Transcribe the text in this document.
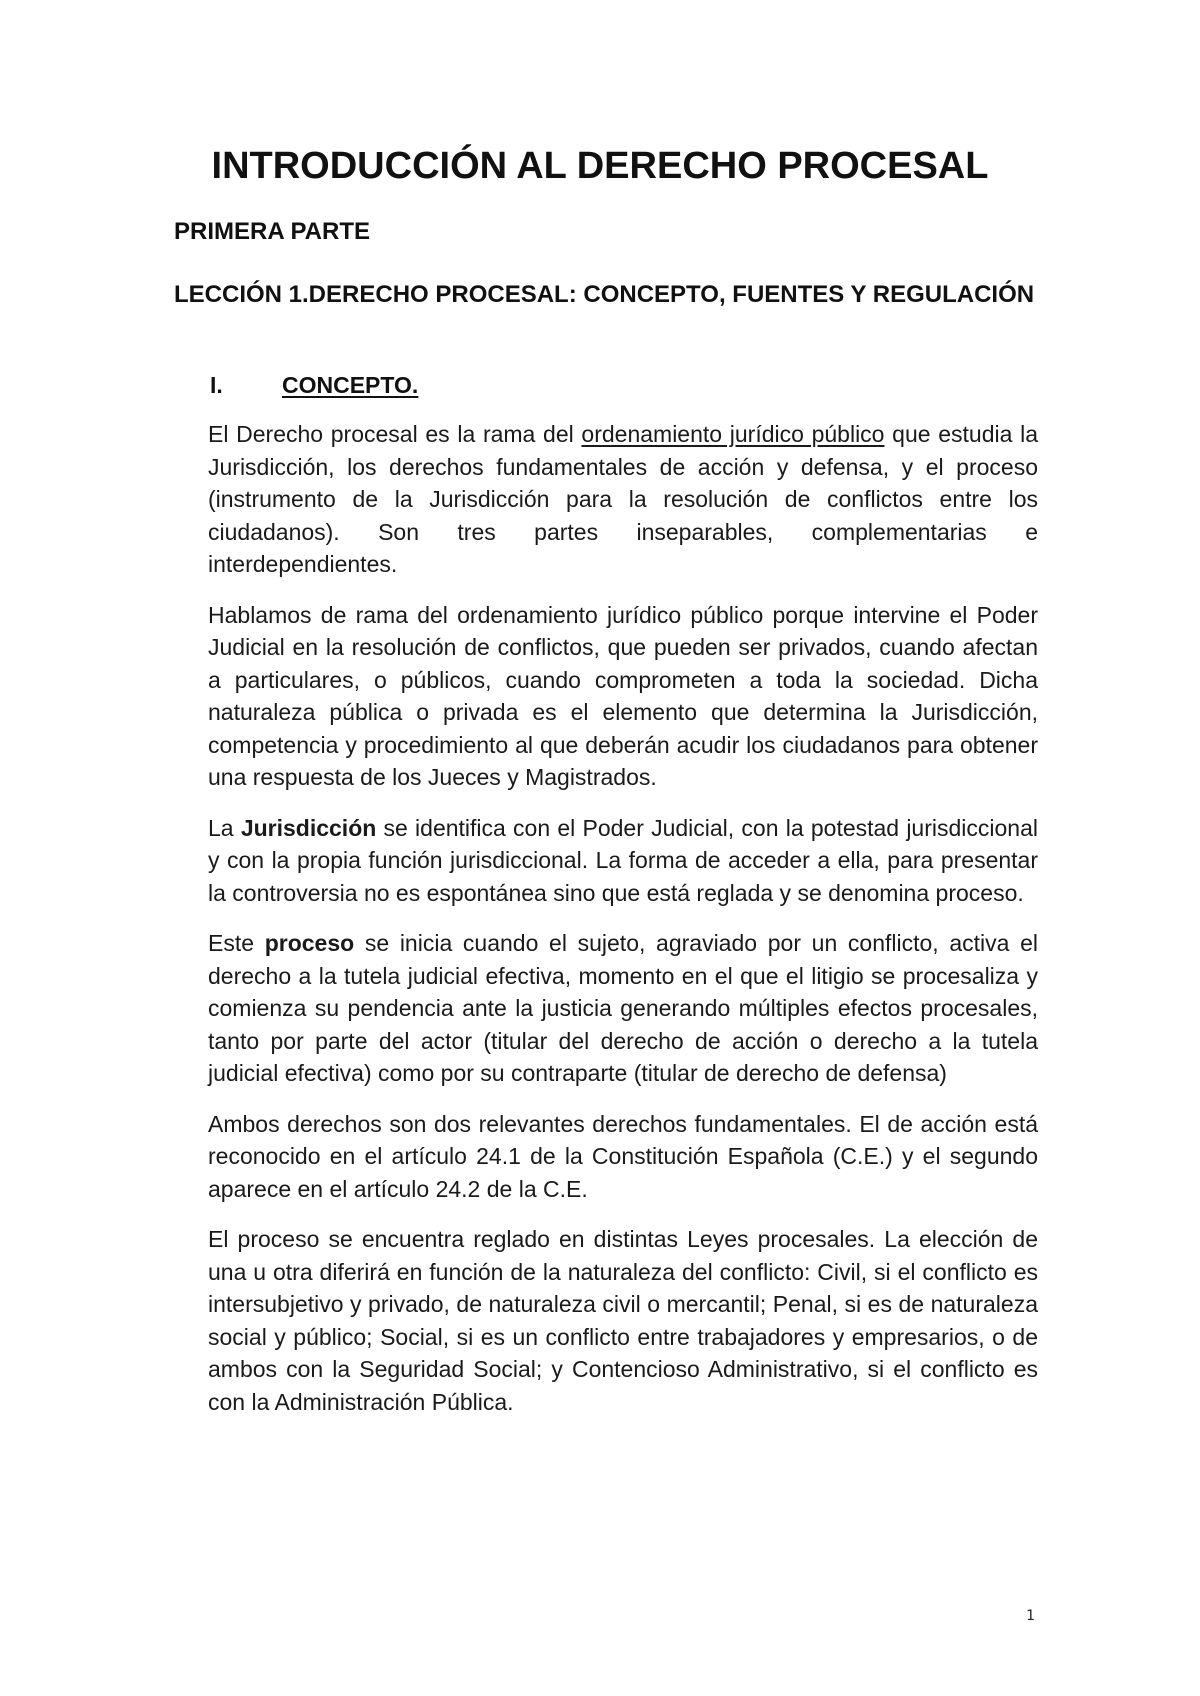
INTRODUCCIÓN AL DERECHO PROCESAL
PRIMERA PARTE
LECCIÓN 1.DERECHO PROCESAL: CONCEPTO, FUENTES Y REGULACIÓN
I.	CONCEPTO.

El Derecho procesal es la rama del ordenamiento jurídico público que estudia la Jurisdicción, los derechos fundamentales de acción y defensa, y el proceso (instrumento de la Jurisdicción para la resolución de conflictos entre los ciudadanos). Son tres partes inseparables, complementarias e interdependientes.

Hablamos de rama del ordenamiento jurídico público porque intervine el Poder Judicial en la resolución de conflictos, que pueden ser privados, cuando afectan a particulares, o públicos, cuando comprometen a toda la sociedad. Dicha naturaleza pública o privada es el elemento que determina la Jurisdicción, competencia y procedimiento al que deberán acudir los ciudadanos para obtener una respuesta de los Jueces y Magistrados.

La Jurisdicción se identifica con el Poder Judicial, con la potestad jurisdiccional y con la propia función jurisdiccional. La forma de acceder a ella, para presentar la controversia no es espontánea sino que está reglada y se denomina proceso.

Este proceso se inicia cuando el sujeto, agraviado por un conflicto, activa el derecho a la tutela judicial efectiva, momento en el que el litigio se procesaliza y comienza su pendencia ante la justicia generando múltiples efectos procesales, tanto por parte del actor (titular del derecho de acción o derecho a la tutela judicial efectiva) como por su contraparte (titular de derecho de defensa)

Ambos derechos son dos relevantes derechos fundamentales. El de acción está reconocido en el artículo 24.1 de la Constitución Española (C.E.) y el segundo aparece en el artículo 24.2 de la C.E.

El proceso se encuentra reglado en distintas Leyes procesales. La elección de una u otra diferirá en función de la naturaleza del conflicto: Civil, si el conflicto es intersubjetivo y privado, de naturaleza civil o mercantil; Penal, si es de naturaleza social y público; Social, si es un conflicto entre trabajadores y empresarios, o de ambos con la Seguridad Social; y Contencioso Administrativo, si el conflicto es con la Administración Pública.

1
